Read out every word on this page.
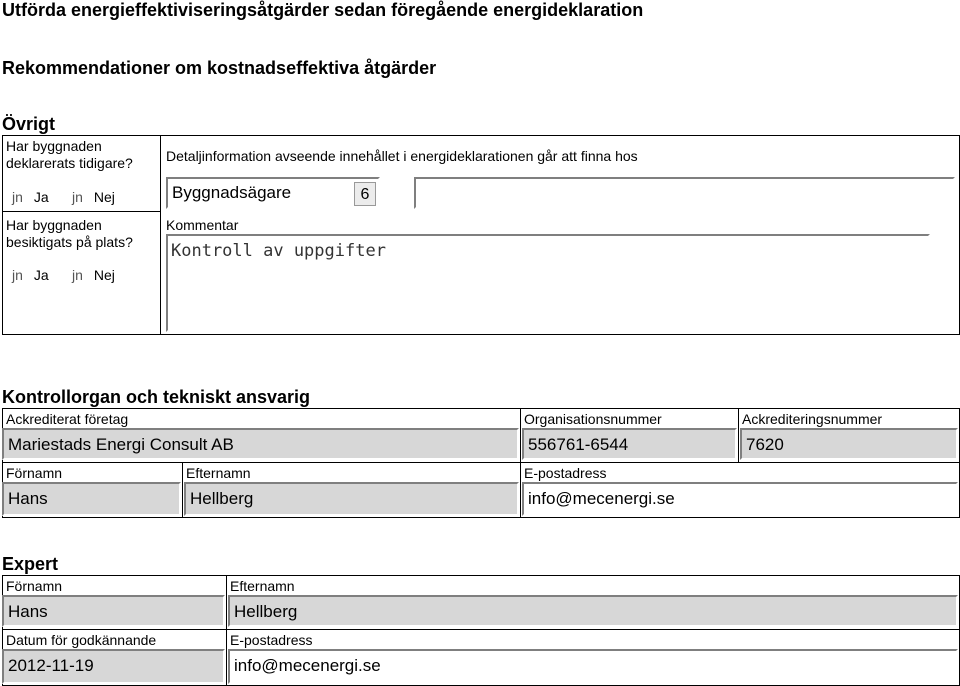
Utförda energieffektiviseringsåtgärder sedan föregående energideklaration
Rekommendationer om kostnadseffektiva åtgärder
Övrigt
Har byggnaden
deklarerats tidigare?
jn Ja jn Nej
Har byggnaden
besiktigats på plats?
jn Ja jn Nej
Detaljinformation avseende innehållet i energideklarationen går att finna hos
Byggnadsägare	6
Kommentar
Kontroll av uppgifter
Kontrollorgan och tekniskt ansvarig
Ackrediterat företag
Mariestads Energi Consult AB
Organisationsnummer
556761-6544
Ackrediteringsnummer
7620
Förnamn
Hans
Efternamn
Hellberg
E-postadress
info@mecenergi.se
Expert
Förnamn
Hans
Efternamn
Hellberg
Datum för godkännande
2012-11-19
E-postadress
info@mecenergi.se
